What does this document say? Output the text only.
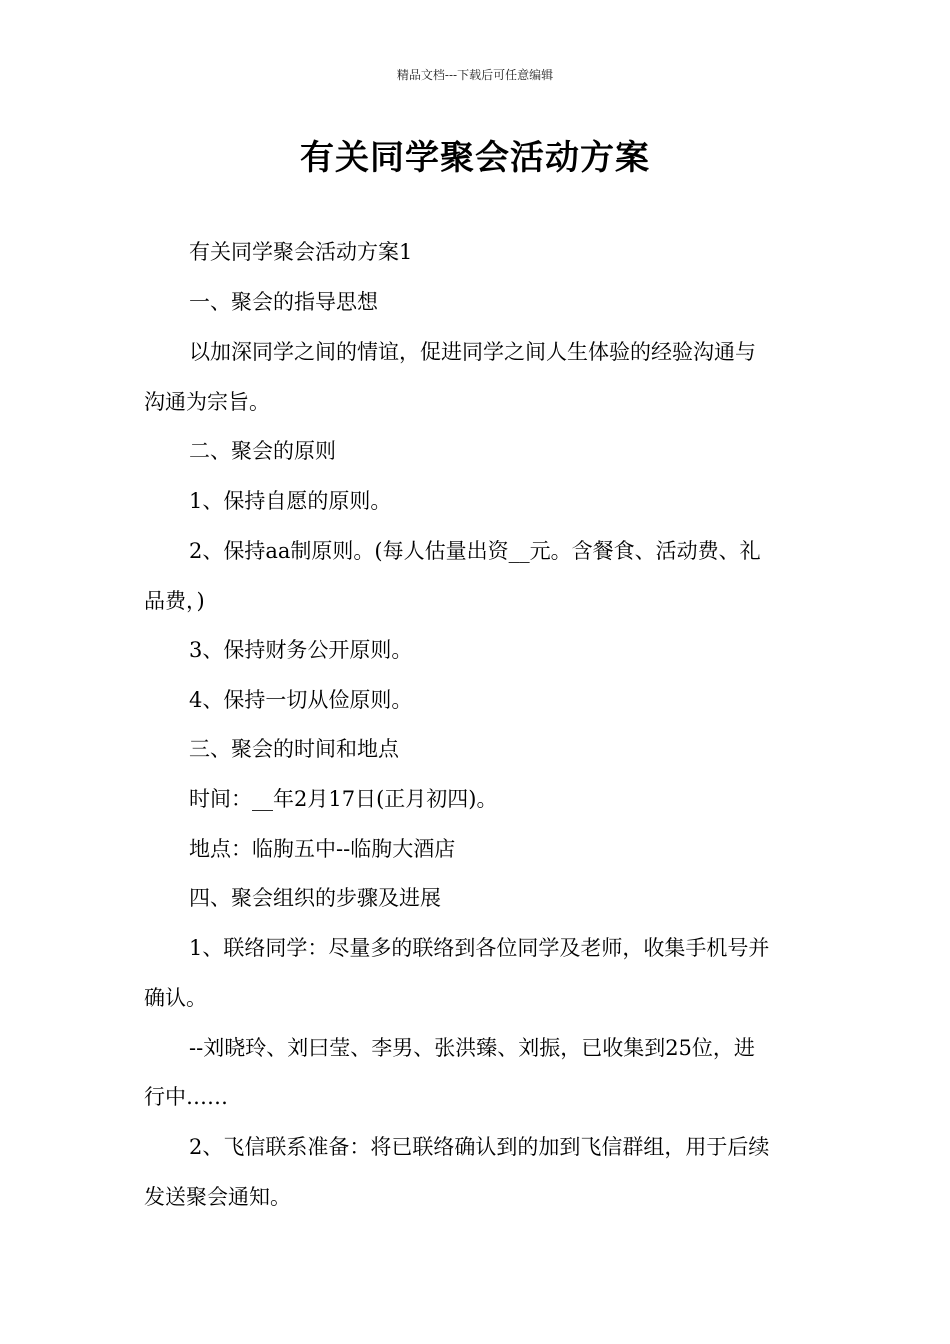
精品文档---下载后可任意编辑
有关同学聚会活动方案
有关同学聚会活动方案1
一、聚会的指导思想
以加深同学之间的情谊，促进同学之间人生体验的经验沟通与
沟通为宗旨。
二、聚会的原则
1、保持自愿的原则。
2、保持aa制原则。(每人估量出资__元。含餐食、活动费、礼
品费，)
3、保持财务公开原则。
4、保持一切从俭原则。
三、聚会的时间和地点
时间：__年2月17日(正月初四)。
地点：临朐五中--临朐大酒店
四、聚会组织的步骤及进展
1、联络同学：尽量多的联络到各位同学及老师，收集手机号并
确认。
--刘晓玲、刘曰莹、李男、张洪臻、刘振，已收集到25位，进
行中……
2、飞信联系准备：将已联络确认到的加到飞信群组，用于后续
发送聚会通知。
